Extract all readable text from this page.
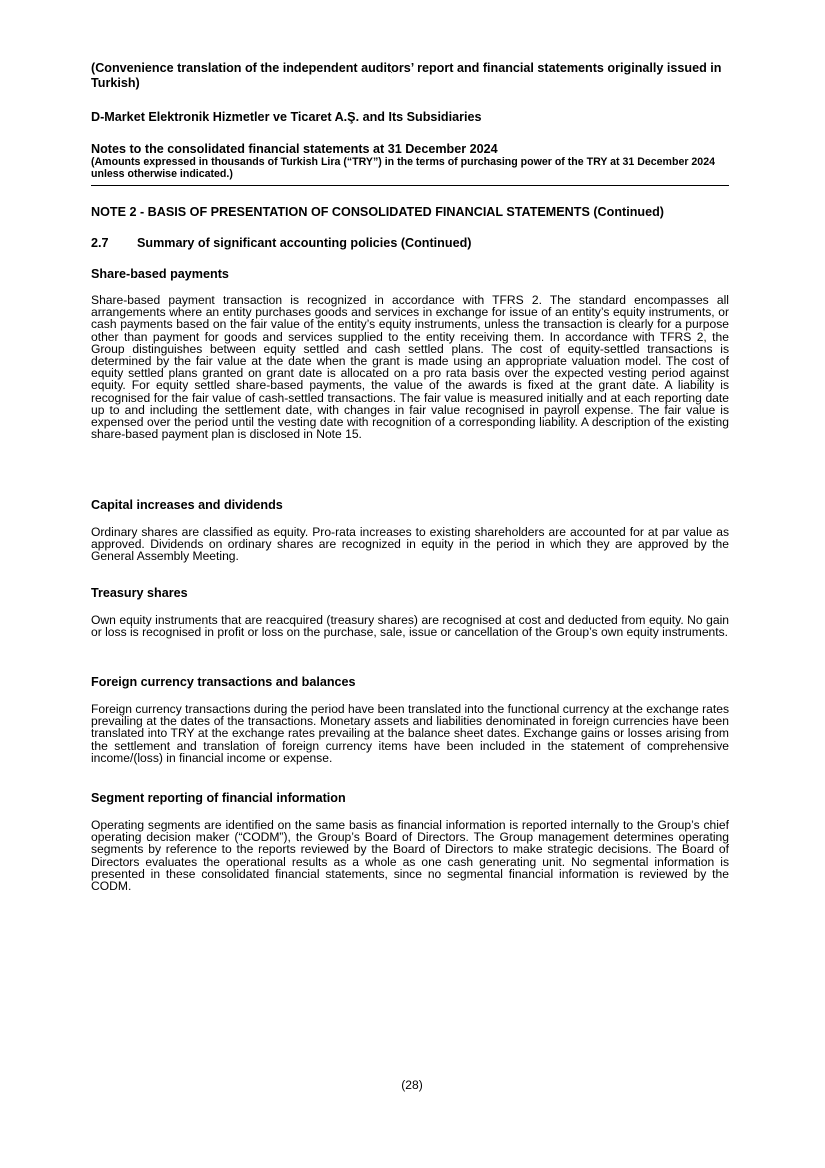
(Convenience translation of the independent auditors’ report and financial statements originally issued in Turkish)
D-Market Elektronik Hizmetler ve Ticaret A.Ş. and Its Subsidiaries
Notes to the consolidated financial statements at 31 December 2024
(Amounts expressed in thousands of Turkish Lira (“TRY”) in the terms of purchasing power of the TRY at 31 December 2024 unless otherwise indicated.)
NOTE 2 - BASIS OF PRESENTATION OF CONSOLIDATED FINANCIAL STATEMENTS (Continued)
2.7 Summary of significant accounting policies (Continued)
Share-based payments
Share-based payment transaction is recognized in accordance with TFRS 2. The standard encompasses all arrangements where an entity purchases goods and services in exchange for issue of an entity’s equity instruments, or cash payments based on the fair value of the entity’s equity instruments, unless the transaction is clearly for a purpose other than payment for goods and services supplied to the entity receiving them. In accordance with TFRS 2, the Group distinguishes between equity settled and cash settled plans. The cost of equity-settled transactions is determined by the fair value at the date when the grant is made using an appropriate valuation model. The cost of equity settled plans granted on grant date is allocated on a pro rata basis over the expected vesting period against equity. For equity settled share-based payments, the value of the awards is fixed at the grant date. A liability is recognised for the fair value of cash-settled transactions. The fair value is measured initially and at each reporting date up to and including the settlement date, with changes in fair value recognised in payroll expense. The fair value is expensed over the period until the vesting date with recognition of a corresponding liability. A description of the existing share-based payment plan is disclosed in Note 15.
Capital increases and dividends
Ordinary shares are classified as equity. Pro-rata increases to existing shareholders are accounted for at par value as approved. Dividends on ordinary shares are recognized in equity in the period in which they are approved by the General Assembly Meeting.
Treasury shares
Own equity instruments that are reacquired (treasury shares) are recognised at cost and deducted from equity. No gain or loss is recognised in profit or loss on the purchase, sale, issue or cancellation of the Group’s own equity instruments.
Foreign currency transactions and balances
Foreign currency transactions during the period have been translated into the functional currency at the exchange rates prevailing at the dates of the transactions. Monetary assets and liabilities denominated in foreign currencies have been translated into TRY at the exchange rates prevailing at the balance sheet dates. Exchange gains or losses arising from the settlement and translation of foreign currency items have been included in the statement of comprehensive income/(loss) in financial income or expense.
Segment reporting of financial information
Operating segments are identified on the same basis as financial information is reported internally to the Group’s chief operating decision maker (“CODM”), the Group’s Board of Directors. The Group management determines operating segments by reference to the reports reviewed by the Board of Directors to make strategic decisions. The Board of Directors evaluates the operational results as a whole as one cash generating unit. No segmental information is presented in these consolidated financial statements, since no segmental financial information is reviewed by the CODM.
(28)
